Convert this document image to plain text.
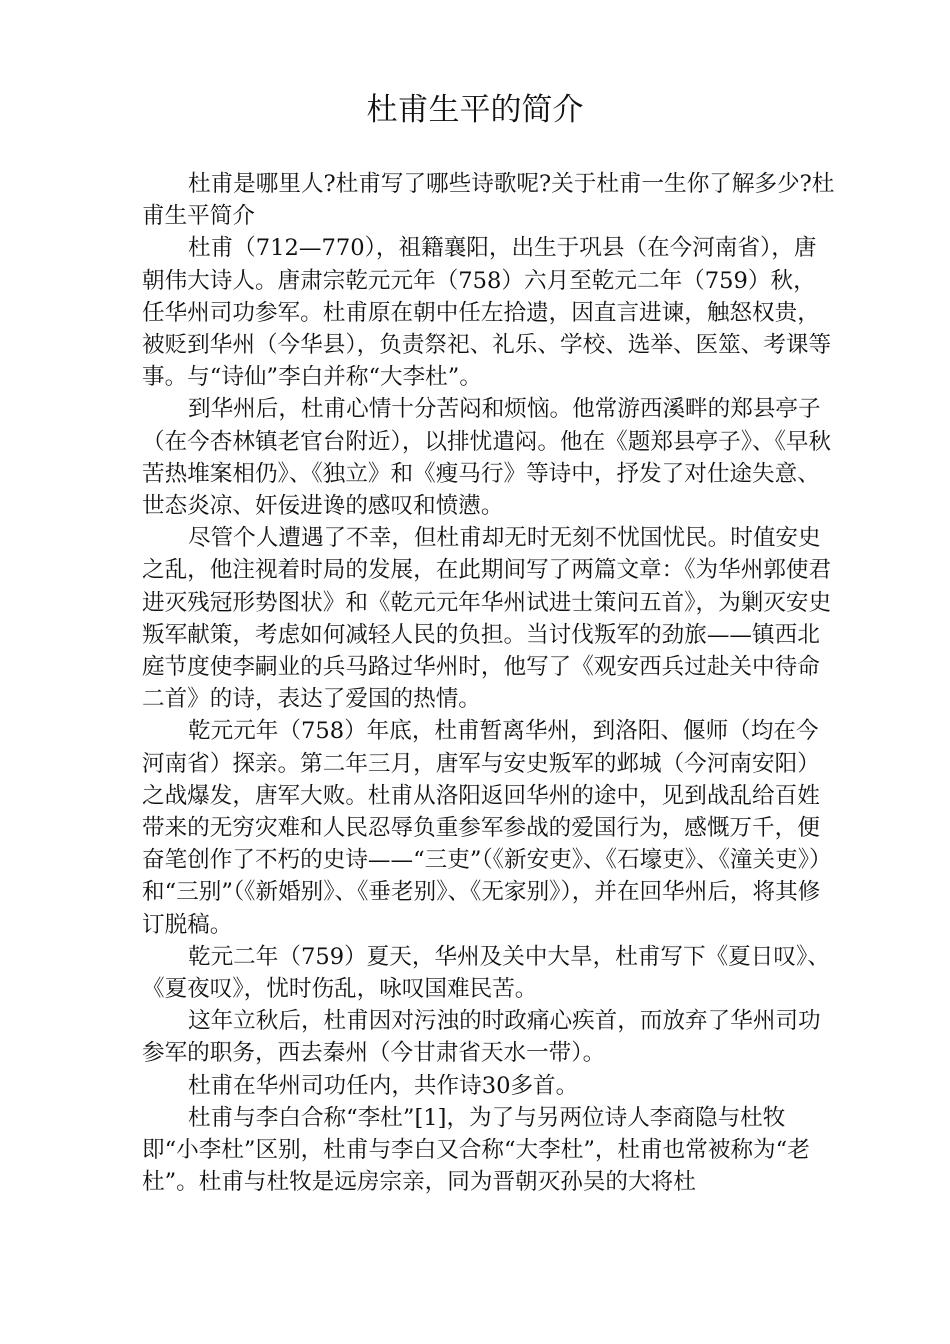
杜甫生平的简介

杜甫是哪里人?杜甫写了哪些诗歌呢?关于杜甫一生你了解多少?杜甫生平简介

杜甫（712—770），祖籍襄阳，出生于巩县（在今河南省），唐朝伟大诗人。唐肃宗乾元元年（758）六月至乾元二年（759）秋，任华州司功参军。杜甫原在朝中任左拾遗，因直言进谏，触怒权贵，被贬到华州（今华县），负责祭祀、礼乐、学校、选举、医筮、考课等事。与“诗仙”李白并称“大李杜”。

到华州后，杜甫心情十分苦闷和烦恼。他常游西溪畔的郑县亭子（在今杏林镇老官台附近），以排忧遣闷。他在《题郑县亭子》、《早秋苦热堆案相仍》、《独立》和《瘦马行》等诗中，抒发了对仕途失意、世态炎凉、奸佞进谗的感叹和愤懑。

尽管个人遭遇了不幸，但杜甫却无时无刻不忧国忧民。时值安史之乱，他注视着时局的发展，在此期间写了两篇文章：《为华州郭使君进灭残冠形势图状》和《乾元元年华州试进士策问五首》，为剿灭安史叛军献策，考虑如何减轻人民的负担。当讨伐叛军的劲旅——镇西北庭节度使李嗣业的兵马路过华州时，他写了《观安西兵过赴关中待命二首》的诗，表达了爱国的热情。

乾元元年（758）年底，杜甫暂离华州，到洛阳、偃师（均在今河南省）探亲。第二年三月，唐军与安史叛军的邺城（今河南安阳）之战爆发，唐军大败。杜甫从洛阳返回华州的途中，见到战乱给百姓带来的无穷灾难和人民忍辱负重参军参战的爱国行为，感慨万千，便奋笔创作了不朽的史诗——“三吏”（《新安吏》、《石壕吏》、《潼关吏》）和“三别”（《新婚别》、《垂老别》、《无家别》），并在回华州后，将其修订脱稿。

乾元二年（759）夏天，华州及关中大旱，杜甫写下《夏日叹》、《夏夜叹》，忧时伤乱，咏叹国难民苦。

这年立秋后，杜甫因对污浊的时政痛心疾首，而放弃了华州司功参军的职务，西去秦州（今甘肃省天水一带）。

杜甫在华州司功任内，共作诗30多首。

杜甫与李白合称“李杜”[1]，为了与另两位诗人李商隐与杜牧即“小李杜”区别，杜甫与李白又合称“大李杜”，杜甫也常被称为“老杜”。杜甫与杜牧是远房宗亲，同为晋朝灭孙吴的大将杜
